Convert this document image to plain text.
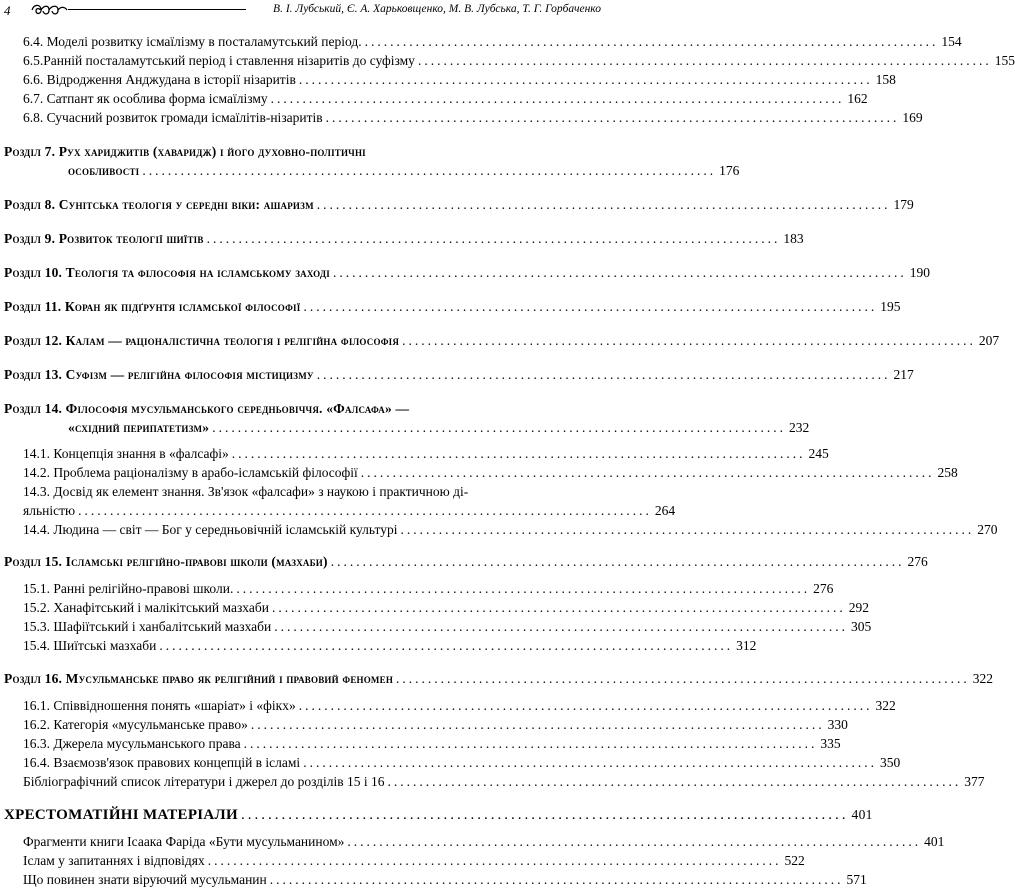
4	В. І. Лубський, Є. А. Харьковщенко, М. В. Лубська, Т. Г. Горбаченко
6.4. Моделі розвитку ісмаїлізму в посталамутський період. .......................................................................................... 154
6.5.Ранній посталамутський період і ставлення нізаритів до суфізму .......................................................................................... 155
6.6. Відродження Анджудана в історії нізаритів .......................................................................................... 158
6.7. Сатпант як особлива форма ісмаїлізму .......................................................................................... 162
6.8. Сучасний розвиток громади ісмаїлітів-нізаритів .......................................................................................... 169
Розділ 7. Рух хариджитів (хаваридж) і його духовно-політичні
особливості .......................................................................................... 176
Розділ 8. Сунітська теологія у середні віки: ашаризм .......................................................................................... 179
Розділ 9. Розвиток теології шиїтів .......................................................................................... 183
Розділ 10. Теологія та філософія на ісламському заході .......................................................................................... 190
Розділ 11. Коран як підґрунтя ісламської філософії .......................................................................................... 195
Розділ 12. Калам — раціоналістична теологія і релігійна філософія .......................................................................................... 207
Розділ 13. Суфізм — релігійна філософія містицизму .......................................................................................... 217
Розділ 14. Філософія мусульманського середньовіччя. «Фалсафа» —
«східний перипатетизм» .......................................................................................... 232
14.1. Концепція знання в «фалсафі» .......................................................................................... 245
14.2. Проблема раціоналізму в арабо-ісламській філософії .......................................................................................... 258
14.3. Досвід як елемент знання. Зв'язок «фалсафи» з наукою і практичною ді-
яльністю .......................................................................................... 264
14.4. Людина — світ — Бог у середньовічній ісламській культурі .......................................................................................... 270
Розділ 15. Ісламські релігійно-правові школи (мазхаби) .......................................................................................... 276
15.1. Ранні релігійно-правові школи. .......................................................................................... 276
15.2. Ханафітський і малікітський мазхаби .......................................................................................... 292
15.3. Шафіїтський і ханбалітський мазхаби .......................................................................................... 305
15.4. Шиїтські мазхаби .......................................................................................... 312
Розділ 16. Мусульманське право як релігійний і правовий феномен .......................................................................................... 322
16.1. Співвідношення понять «шаріат» і «фікх» .......................................................................................... 322
16.2. Категорія «мусульманське право» .......................................................................................... 330
16.3. Джерела мусульманського права .......................................................................................... 335
16.4. Взаємозв'язок правових концепцій в ісламі .......................................................................................... 350
Бібліографічний список літератури і джерел до розділів 15 і 16 .......................................................................................... 377
ХРЕСТОМАТІЙНІ МАТЕРІАЛИ .......................................................................................... 401
Фрагменти книги Ісаака Фаріда «Бути мусульманином» .......................................................................................... 401
Іслам у запитаннях і відповідях .......................................................................................... 522
Що повинен знати віруючий мусульманин .......................................................................................... 571
